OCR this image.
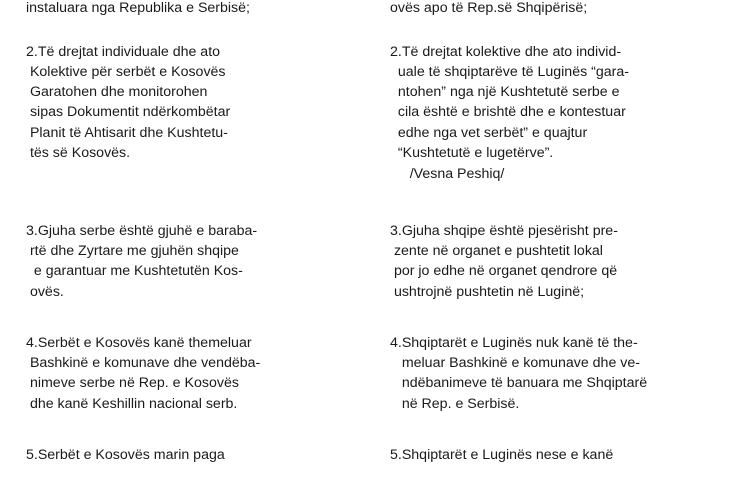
instaluara nga Republika e Serbisë;
2.Të drejtat individuale dhe ato
Kolektive për serbët e Kosovës
Garatohen dhe monitorohen
sipas Dokumentit ndërkombëtar
Planit të Ahtisarit dhe Kushtetu-
tës së Kosovës.
3.Gjuha serbe është gjuhë e baraba-
rtë dhe Zyrtare me gjuhën shqipe
e garantuar me Kushtetutën Kos-
ovës.
4.Serbët e Kosovës kanë themeluar
Bashkinë e komunave dhe vendëba-
nimeve serbe në Rep. e Kosovës
dhe kanë Keshillin nacional serb.
5.Serbët e Kosovës marin paga
ovës apo të Rep.së Shqipërisë;
2.Të drejtat kolektive dhe ato individ-
uale të shqiptarëve të Luginës “gara-
ntohen” nga një Kushtetutë serbe e
cila është e brishtë dhe e kontestuar
edhe nga vet serbët” e quajtur
“Kushtetutë e lugetërve”.
/Vesna Peshiq/
3.Gjuha shqipe është pjesërisht pre-
zente në organet e pushtetit lokal
por jo edhe në organet qendrore që
ushtrojnë pushtetin në Luginë;
4.Shqiptarët e Luginës nuk kanë të the-
meluar Bashkinë e komunave dhe ve-
ndëbanimeve të banuara me Shqiptarë
në Rep. e Serbisë.
5.Shqiptarët e Luginës nese e kanë
